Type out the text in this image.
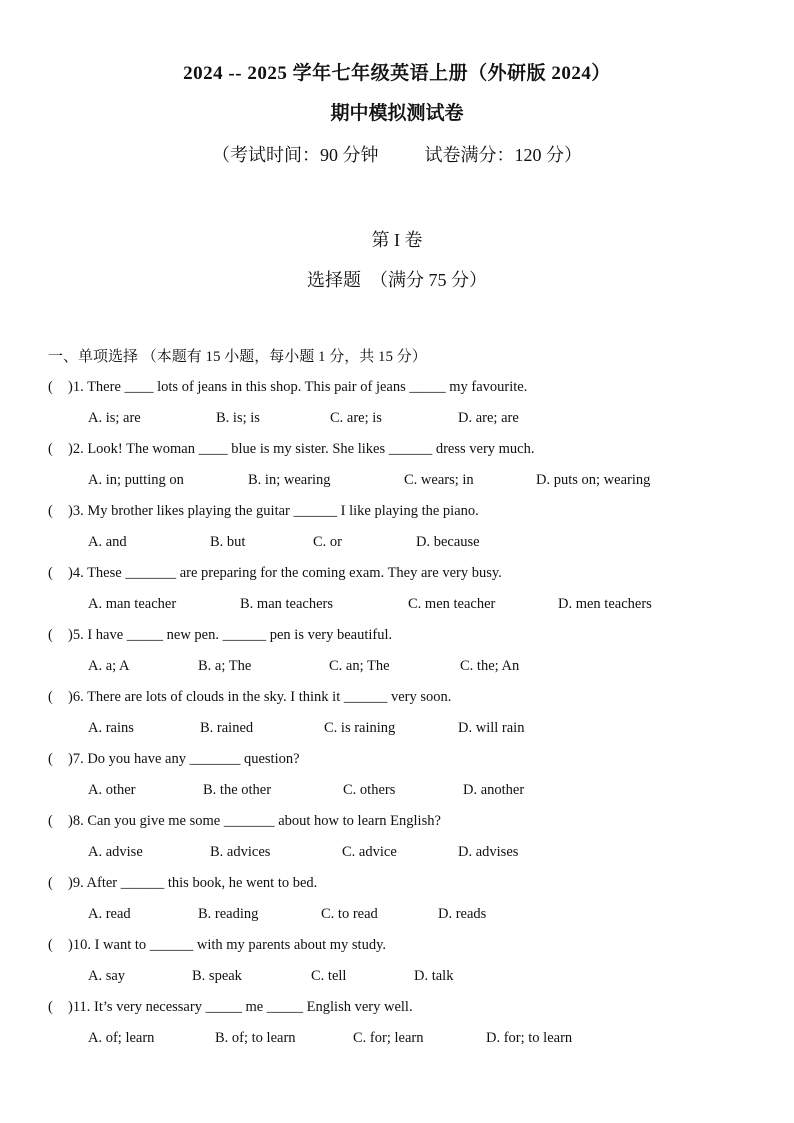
2024 -- 2025 学年七年级英语上册（外研版 2024）
期中模拟测试卷
（考试时间：90 分钟	试卷满分：120 分）
第 I 卷
选择题　（满分 75 分）
一、单项选择 （本题有 15 小题，每小题 1 分，共 15 分）
( )1. There ____ lots of jeans in this shop. This pair of jeans _____ my favourite.
A. is; are	B. is; is	C. are; is	D. are; are
( )2. Look! The woman ____ blue is my sister. She likes ______ dress very much.
A. in; putting on	B. in; wearing	C. wears; in	D. puts on; wearing
( )3. My brother likes playing the guitar ______ I like playing the piano.
A. and	B. but	C. or	D. because
( )4. These _______ are preparing for the coming exam. They are very busy.
A. man teacher	B. man teachers	C. men teacher	D. men teachers
( )5. I have _____ new pen. ______ pen is very beautiful.
A. a; A	B. a; The	C. an; The	C. the; An
( )6. There are lots of clouds in the sky. I think it ______ very soon.
A. rains	B. rained	C. is raining	D. will rain
( )7. Do you have any _______ question?
A. other	B. the other	C. others	D. another
( )8. Can you give me some _______ about how to learn English?
A. advise	B. advices	C. advice	D. advises
( )9. After ______ this book, he went to bed.
A. read	B. reading	C. to read	D. reads
( )10. I want to ______ with my parents about my study.
A. say	B. speak	C. tell	D. talk
( )11. It’s very necessary _____ me _____ English very well.
A. of; learn	B. of; to learn	C. for; learn	D. for; to learn
